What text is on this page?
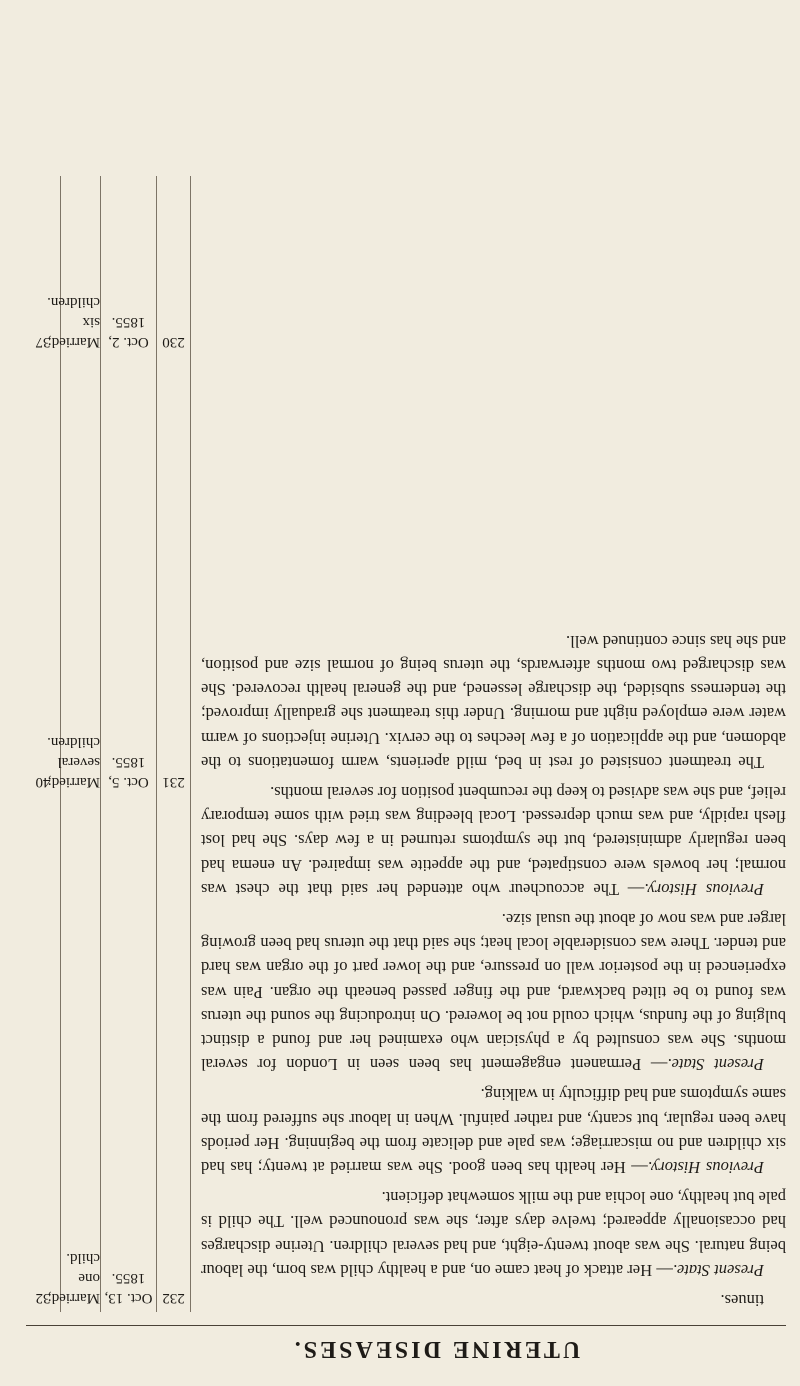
UTERINE DISEASES.

tinues.

Present State.— Her attack of heat came on, and a healthy child was born, the labour being natural. She was about twenty-eight, and had several children. Uterine discharges had occasionally appeared; twelve days after, she was pronounced well. The child is pale but healthy, one lochia and the milk somewhat deficient.

Previous History.— Her health has been good. She was married at twenty; has had six children and no miscarriage; was pale and delicate from the beginning. Her periods have been regular, but scanty, and rather painful. When in labour she suffered from the same symptoms and had difficulty in walking.

Present State.— Permanent engagement has been seen in London for several months. She was consulted by a physician who examined her and found a distinct bulging of the fundus, which could not be lowered. On introducing the sound the uterus was found to be tilted backward, and the finger passed beneath the organ. Pain was experienced in the posterior wall on pressure, and the lower part of the organ was hard and tender. There was considerable local heat; she said that the uterus had been growing larger and was now of about the usual size.

Previous History.— The accoucheur who attended her said that the chest was normal; her bowels were constipated, and the appetite was impaired. An enema had been regularly administered, but the symptoms returned in a few days. She had lost flesh rapidly, and was much depressed. Local bleeding was tried with some temporary relief, and she was advised to keep the recumbent position for several months.

The treatment consisted of rest in bed, mild aperients, warm fomentations to the abdomen, and the application of a few leeches to the cervix. Uterine injections of warm water were employed night and morning. Under this treatment she gradually improved; the tenderness subsided, the discharge lessened, and the general health recovered. She was discharged two months afterwards, the uterus being of normal size and position, and she has since continued well.

232
231
230
Oct. 13, 1855.
Oct. 5, 1855.
Oct. 2, 1855.
Married; one child.
Married; several children.
Married; six children.
32
40
37
